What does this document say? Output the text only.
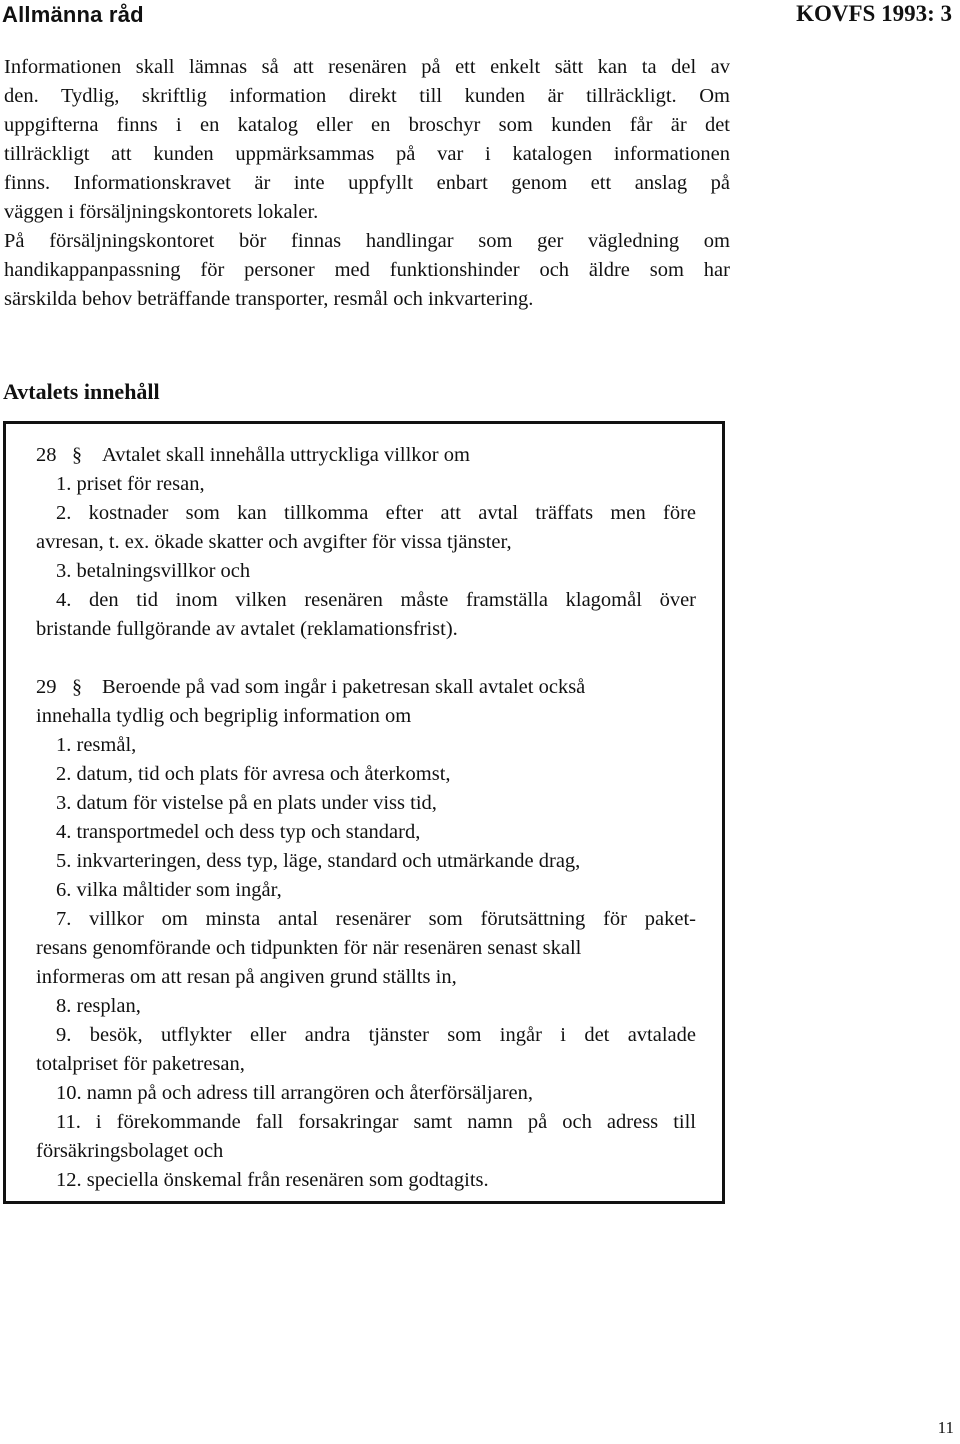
Allmänna råd	KOVFS 1993: 3
Informationen skall lämnas så att resenären på ett enkelt sätt kan ta del av
den. Tydlig, skriftlig information direkt till kunden är tillräckligt. Om
uppgifterna finns i en katalog eller en broschyr som kunden får är det
tillräckligt att kunden uppmärksammas på var i katalogen informationen
finns. Informationskravet är inte uppfyllt enbart genom ett anslag på
väggen i försäljningskontorets lokaler.
På försäljningskontoret bör finnas handlingar som ger vägledning om
handikappanpassning för personer med funktionshinder och äldre som har
särskilda behov beträffande transporter, resmål och inkvartering.
Avtalets innehåll
28 § Avtalet skall innehålla uttryckliga villkor om
1. priset för resan,
2. kostnader som kan tillkomma efter att avtal träffats men före
avresan, t. ex. ökade skatter och avgifter för vissa tjänster,
3. betalningsvillkor och
4. den tid inom vilken resenären måste framställa klagomål över
bristande fullgörande av avtalet (reklamationsfrist).
29 § Beroende på vad som ingår i paketresan skall avtalet också
innehalla tydlig och begriplig information om
1. resmål,
2. datum, tid och plats för avresa och återkomst,
3. datum för vistelse på en plats under viss tid,
4. transportmedel och dess typ och standard,
5. inkvarteringen, dess typ, läge, standard och utmärkande drag,
6. vilka måltider som ingår,
7. villkor om minsta antal resenärer som förutsättning för paket-
resans genomförande och tidpunkten för när resenären senast skall
informeras om att resan på angiven grund ställts in,
8. resplan,
9. besök, utflykter eller andra tjänster som ingår i det avtalade
totalpriset för paketresan,
10. namn på och adress till arrangören och återförsäljaren,
11. i förekommande fall forsakringar samt namn på och adress till
försäkringsbolaget och
12. speciella önskemal från resenären som godtagits.
11
